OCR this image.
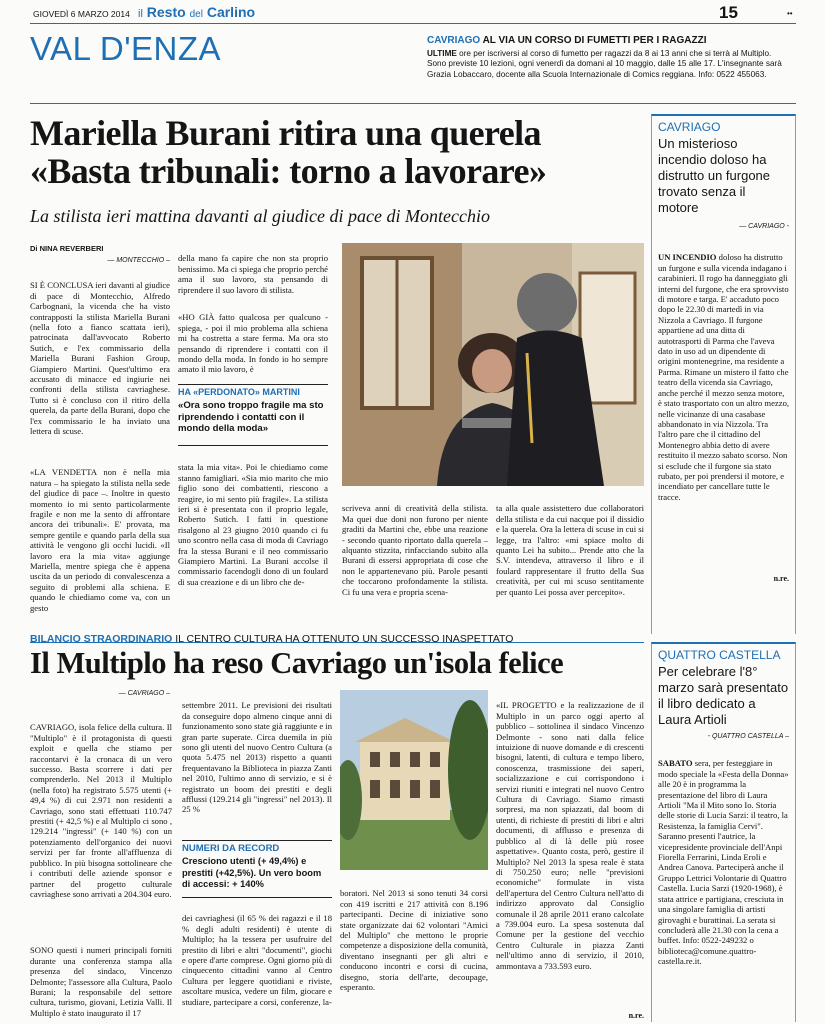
GIOVEDÌ 6 MARZO 2014 il Resto del Carlino	15	••
VAL D'ENZA	CAVRIAGO AL VIA UN CORSO DI FUMETTI PER I RAGAZZI
ULTIME ore per iscriversi al corso di fumetto per ragazzi da 8 ai 13 anni che si terrà al Multiplo. Sono previste 10 lezioni, ogni venerdì da domani al 10 maggio, dalle 15 alle 17. L'insegnante sarà Grazia Lobaccaro, docente alla Scuola Internazionale di Comics reggiana. Info: 0522 455063.
Mariella Burani ritira una querela
«Basta tribunali: torno a lavorare»
La stilista ieri mattina davanti al giudice di pace di Montecchio
Di NINA REVERBERI
— MONTECCHIO –

SI È CONCLUSA ieri davanti al giudice di pace di Montecchio, Alfredo Carbognani, la vicenda che ha visto contrapposti la stilista Mariella Burani (nella foto a fianco scattata ieri), patrocinata dall'avvocato Roberto Sutich, e l'ex commissario della Mariella Burani Fashion Group, Giampiero Martini. Quest'ultimo era accusato di minacce ed ingiurie nei confronti della stilista cavriaghese. Tutto si è concluso con il ritiro della querela, da parte della Burani, dopo che l'ex commissario le ha inviato una lettera di scuse.

«LA VENDETTA non è nella mia natura – ha spiegato la stilista nella sede del giudice di pace –. Inoltre in questo momento io mi sento particolarmente fragile e non me la sento di affrontare ancora dei tribunali». E' provata, ma sempre gentile e quando parla della sua attività le vengono gli occhi lucidi. «Il lavoro era la mia vita» aggiunge Mariella, mentre spiega che è appena uscita da un periodo di convalescenza a seguito di problemi alla schiena. E quando le chiediamo come va, con un gesto

della mano fa capire che non sta proprio benissimo. Ma ci spiega che proprio perché ama il suo lavoro, sta pensando di riprendere il suo lavoro di stilista.

«HO GIÀ fatto qualcosa per qualcuno - spiega, - poi il mio problema alla schiena mi ha costretta a stare ferma. Ma ora sto pensando di riprendere i contatti con il mondo della moda. In fondo io ho sempre amato il mio lavoro, è

HA «PERDONATO» MARTINI
«Ora sono troppo fragile ma sto riprendendo i contatti con il mondo della moda»

stata la mia vita». Poi le chiediamo come stanno famigliari. «Sia mio marito che mio figlio sono dei combattenti, riescono a reagire, io mi sento più fragile». La stilista ieri si è presentata con il proprio legale, Roberto Sutich. I fatti in questione risalgono al 23 giugno 2010 quando ci fu uno scontro nella casa di moda di Cavriago fra la stessa Burani e il neo commissario Giampiero Martini. La Burani accolse il commissario facendogli dono di un foulard di sua creazione e di un libro che de-

scriveva anni di creatività della stilista. Ma quei due doni non furono per niente graditi da Martini che, ebbe una reazione - secondo quanto riportato dalla querela – alquanto stizzita, rinfacciando subito alla Burani di essersi appropriata di cose che non le appartenevano più. Parole pesanti che toccarono profondamente la stilista. Ci fu una vera e propria scena-

ta alla quale assistettero due collaboratori della stilista e da cui nacque poi il dissidio e la querela. Ora la lettera di scuse in cui si legge, tra l'altro: «mi spiace molto di quanto Lei ha subito... Prende atto che la S.V. intendeva, attraverso il libro e il foulard rappresentare il frutto della Sua creatività, per cui mi scuso sentitamente per quanto Lei possa aver percepito».

CAVRIAGO
Un misterioso incendio doloso ha distrutto un furgone trovato senza il motore
— CAVRIAGO -

UN INCENDIO doloso ha distrutto un furgone e sulla vicenda indagano i carabinieri. Il rogo ha danneggiato gli interni del furgone, che era sprovvisto di motore e targa. E' accaduto poco dopo le 22.30 di martedì in via Nizzola a Cavriago. Il furgone appartiene ad una ditta di autotrasporti di Parma che l'aveva dato in uso ad un dipendente di origini montenegrine, ma residente a Parma. Rimane un mistero il fatto che teatro della vicenda sia Cavriago, anche perché il mezzo senza motore, è stato trasportato con un altro mezzo, nelle vicinanze di una casabase abbandonato in via Nizzola. Tra l'altro pare che il cittadino del Montenegro abbia detto di avere restituito il mezzo sabato scorso. Non si esclude che il furgone sia stato rubato, per poi prendersi il motore, e incendiato per cancellare tutte le tracce.

n.re.
BILANCIO STRAORDINARIO IL CENTRO CULTURA HA OTTENUTO UN SUCCESSO INASPETTATO
Il Multiplo ha reso Cavriago un'isola felice
— CAVRIAGO –

CAVRIAGO, isola felice della cultura. Il "Multiplo" è il protagonista di questi exploit e quella che stiamo per raccontarvi è la cronaca di un vero successo. Basta scorrere i dati per comprenderlo. Nel 2013 il Multiplo (nella foto) ha registrato 5.575 utenti (+ 49,4 %) di cui 2.971 non residenti a Cavriago, sono stati effettuati 110.747 prestiti (+ 42,5 %) e al Multiplo ci sono , 129.214 "ingressi" (+ 140 %) con un potenziamento dell'organico dei nuovi servizi per far fronte all'affluenza di pubblico. In più bisogna sottolineare che i contributi delle aziende sponsor e partner del progetto culturale cavriaghese sono arrivati a 204.304 euro.

SONO questi i numeri principali forniti durante una conferenza stampa alla presenza del sindaco, Vincenzo Delmonte; l'assessore alla Cultura, Paolo Burani; la responsabile del settore cultura, turismo, giovani, Letizia Valli. Il Multiplo è stato inaugurato il 17

settembre 2011. Le previsioni dei risultati da conseguire dopo almeno cinque anni di funzionamento sono state già raggiunte e in gran parte superate. Circa duemila in più sono gli utenti del nuovo Centro Cultura (a quota 5.475 nel 2013) rispetto a quanti frequentavano la Biblioteca in piazza Zanti nel 2010, l'ultimo anno di servizio, e si è registrato un boom dei prestiti e degli afflussi (129.214 gli "ingressi" nel 2013). Il 25 %

NUMERI DA RECORD
Cresciono utenti (+ 49,4%) e prestiti (+42,5%). Un vero boom di accessi: + 140%

dei cavriaghesi (il 65 % dei ragazzi e il 18 % degli adulti residenti) è utente di Multiplo; ha la tessera per usufruire del prestito di libri e altri "documenti", giochi e opere d'arte comprese. Ogni giorno più di cinquecento cittadini vanno al Centro Cultura per leggere quotidiani e riviste, ascoltare musica, vedere un film, giocare e studiare, partecipare a corsi, conferenze, la-

boratori. Nel 2013 si sono tenuti 34 corsi con 419 iscritti e 217 attività con 8.196 partecipanti. Decine di iniziative sono state organizzate dai 62 volontari "Amici del Multiplo" che mettono le proprie competenze a disposizione della comunità, diventano insegnanti per gli altri e conducono incontri e corsi di cucina, disegno, storia dell'arte, decoupage, esperanto.

«IL PROGETTO e la realizzazione de il Multiplo in un parco oggi aperto al pubblico – sottolinea il sindaco Vincenzo Delmonte - sono nati dalla felice intuizione di nuove domande e di crescenti bisogni, latenti, di cultura e tempo libero, conoscenza, trasmissione dei saperi, socializzazione e cui corrispondono i servizi riuniti e integrati nel nuovo Centro Cultura di Cavriago. Siamo rimasti sorpresi, ma non spiazzati, dal boom di utenti, di richieste di prestiti di libri e altri documenti, di afflusso e presenza di pubblico al di là delle più rosee aspettative». Quanto costa, però, gestire il Multiplo? Nel 2013 la spesa reale è stata di 750.250 euro; nelle "previsioni economiche" formulate in vista dell'apertura del Centro Cultura nell'atto di indirizzo approvato dal Consiglio comunale il 28 aprile 2011 erano calcolate a 739.004 euro. La spesa sostenuta dal Comune per la gestione del vecchio Centro Culturale in piazza Zanti nell'ultimo anno di servizio, il 2010, ammontava a 733.593 euro.

n.re.
QUATTRO CASTELLA
Per celebrare l'8° marzo sarà presentato il libro dedicato a Laura Artioli
- QUATTRO CASTELLA –

SABATO sera, per festeggiare in modo speciale la «Festa della Donna» alle 20 è in programma la presentazione del libro di Laura Artioli "Ma il Mito sono Io. Storia delle storie di Lucia Sarzi: il teatro, la Resistenza, la famiglia Cervi". Saranno presenti l'autrice, la vicepresidente provinciale dell'Anpi Fiorella Ferrarini, Linda Eroli e Andrea Canova. Parteciperà anche il Gruppo Lettrici Volontarie di Quattro Castella. Lucia Sarzi (1920-1968), è stata attrice e partigiana, cresciuta in una singolare famiglia di artisti girovaghi e burattinai. La serata si concluderà alle 21.30 con la cena a buffet. Info: 0522-249232 o biblioteca@comune.quattro-castella.re.it.
